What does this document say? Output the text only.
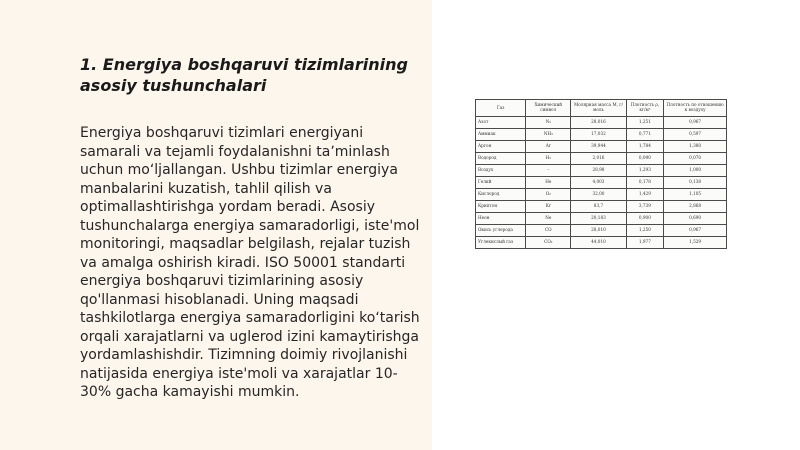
1. Energiya boshqaruvi tizimlarining asosiy tushunchalari

Energiya boshqaruvi tizimlari energiyani samarali va tejamli foydalanishni taʼminlash uchun moʻljallangan. Ushbu tizimlar energiya manbalarini kuzatish, tahlil qilish va optimallashtirishga yordam beradi. Asosiy tushunchalarga energiya samaradorligi, iste'mol monitoringi, maqsadlar belgilash, rejalar tuzish va amalga oshirish kiradi. ISO 50001 standarti energiya boshqaruvi tizimlarining asosiy qo'llanmasi hisoblanadi. Uning maqsadi tashkilotlarga energiya samaradorligini koʻtarish orqali xarajatlarni va uglerod izini kamaytirishga yordamlashishdir. Tizimning doimiy rivojlanishi natijasida energiya iste'moli va xarajatlar 10-30% gacha kamayishi mumkin.

Газ	Химический символ	Молярная масса M, г/моль	Плотность ρ, кг/м³	Плотность по отношению к воздуху
Азот	N₂	28,016	1,251	0,967
Аммиак	NH₃	17,032	0,771	0,597
Аргон	Ar	39,944	1,784	1,380
Водород	H₂	2,016	0,090	0,070
Воздух	–	28,98	1,293	1,000
Гелий	He	4,003	0,178	0,138
Кислород	O₂	32,00	1,429	1,105
Криптон	Kr	83,7	3,739	2,868
Неон	Ne	20,183	0,900	0,690
Окись углерода	CO	28,010	1,250	0,967
Углекислый газ	CO₂	44,010	1,977	1,529
